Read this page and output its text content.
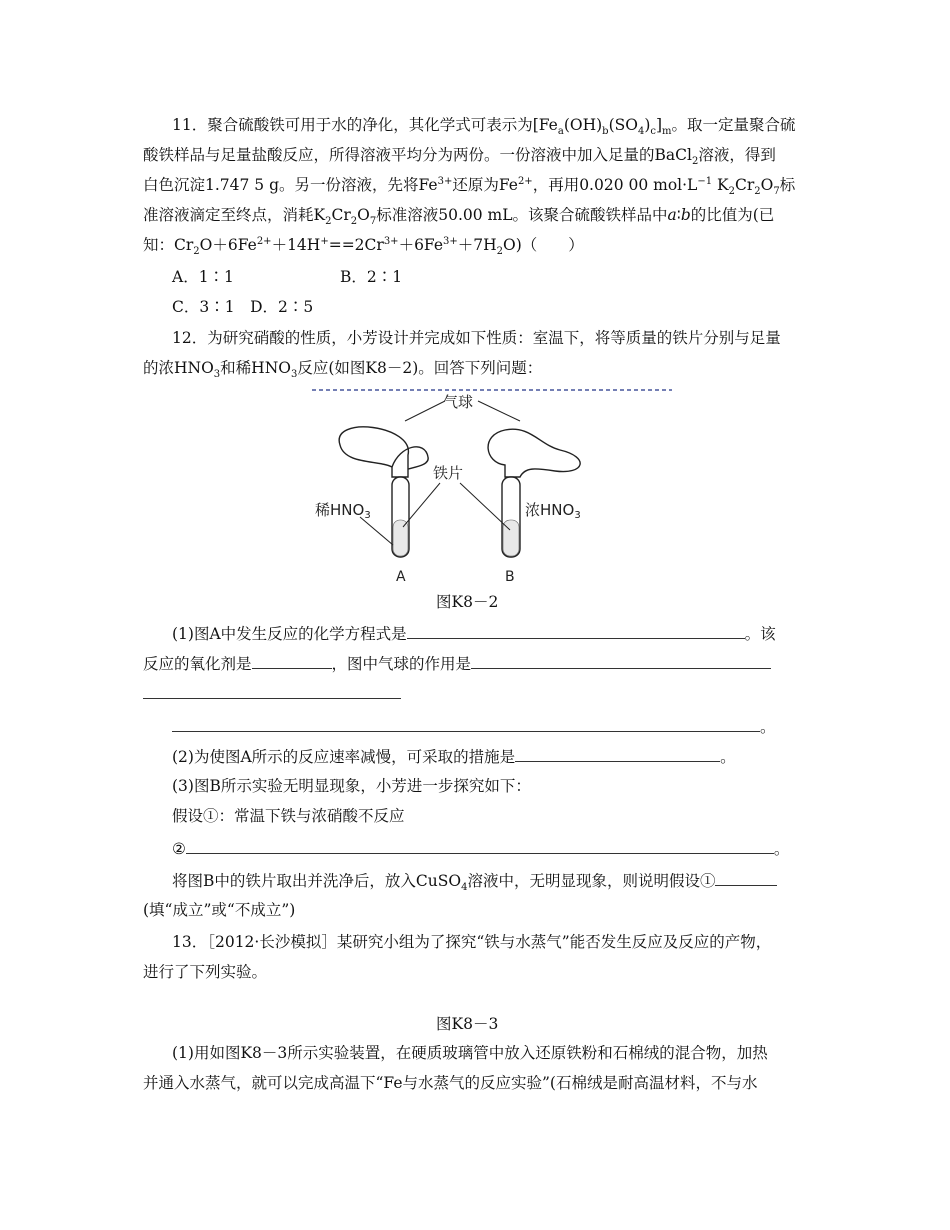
11．聚合硫酸铁可用于水的净化，其化学式可表示为$[Fe_a(OH)_b(SO_4)_c]_m$。取一定量聚合硫
酸铁样品与足量盐酸反应，所得溶液平均分为两份。一份溶液中加入足量的BaCl$_2$溶液，得到
白色沉淀1.747 5 g。另一份溶液，先将$Fe^{3+}$还原为$Fe^{2+}$，再用0.020 00 $mol\cdot L^{-1}$ $K_2Cr_2O_7$标
准溶液滴定至终点，消耗$K_2Cr_2O_7$标准溶液50.00 mL。该聚合硫酸铁样品中a∶b的比值为(已
知：$Cr_2O+6Fe^{2+}+14H^+==2Cr^{3+}+6Fe^{3+}+7H_2O$)（　　）
A．1∶1	B．2∶1
C．3∶1　D．2∶5
12．为研究硝酸的性质，小芳设计并完成如下性质：室温下，将等质量的铁片分别与足量
的浓$HNO_3$和稀$HNO_3$反应(如图K8－2)。回答下列问题：
气球
铁片
稀$HNO_3$	浓$HNO_3$
A	B
图K8－2
(1)图A中发生反应的化学方程式是	。该
反应的氧化剂是	，图中气球的作用是
。
(2)为使图A所示的反应速率减慢，可采取的措施是	。
(3)图B所示实验无明显现象，小芳进一步探究如下：
假设①：常温下铁与浓硝酸不反应
②	。
将图B中的铁片取出并洗净后，放入CuSO$_4$溶液中，无明显现象，则说明假设①
(填“成立”或“不成立”)
13．［2012·长沙模拟］某研究小组为了探究“铁与水蒸气”能否发生反应及反应的产物，
进行了下列实验。
图K8－3
(1)用如图K8－3所示实验装置，在硬质玻璃管中放入还原铁粉和石棉绒的混合物，加热
并通入水蒸气，就可以完成高温下“Fe与水蒸气的反应实验”(石棉绒是耐高温材料，不与水
